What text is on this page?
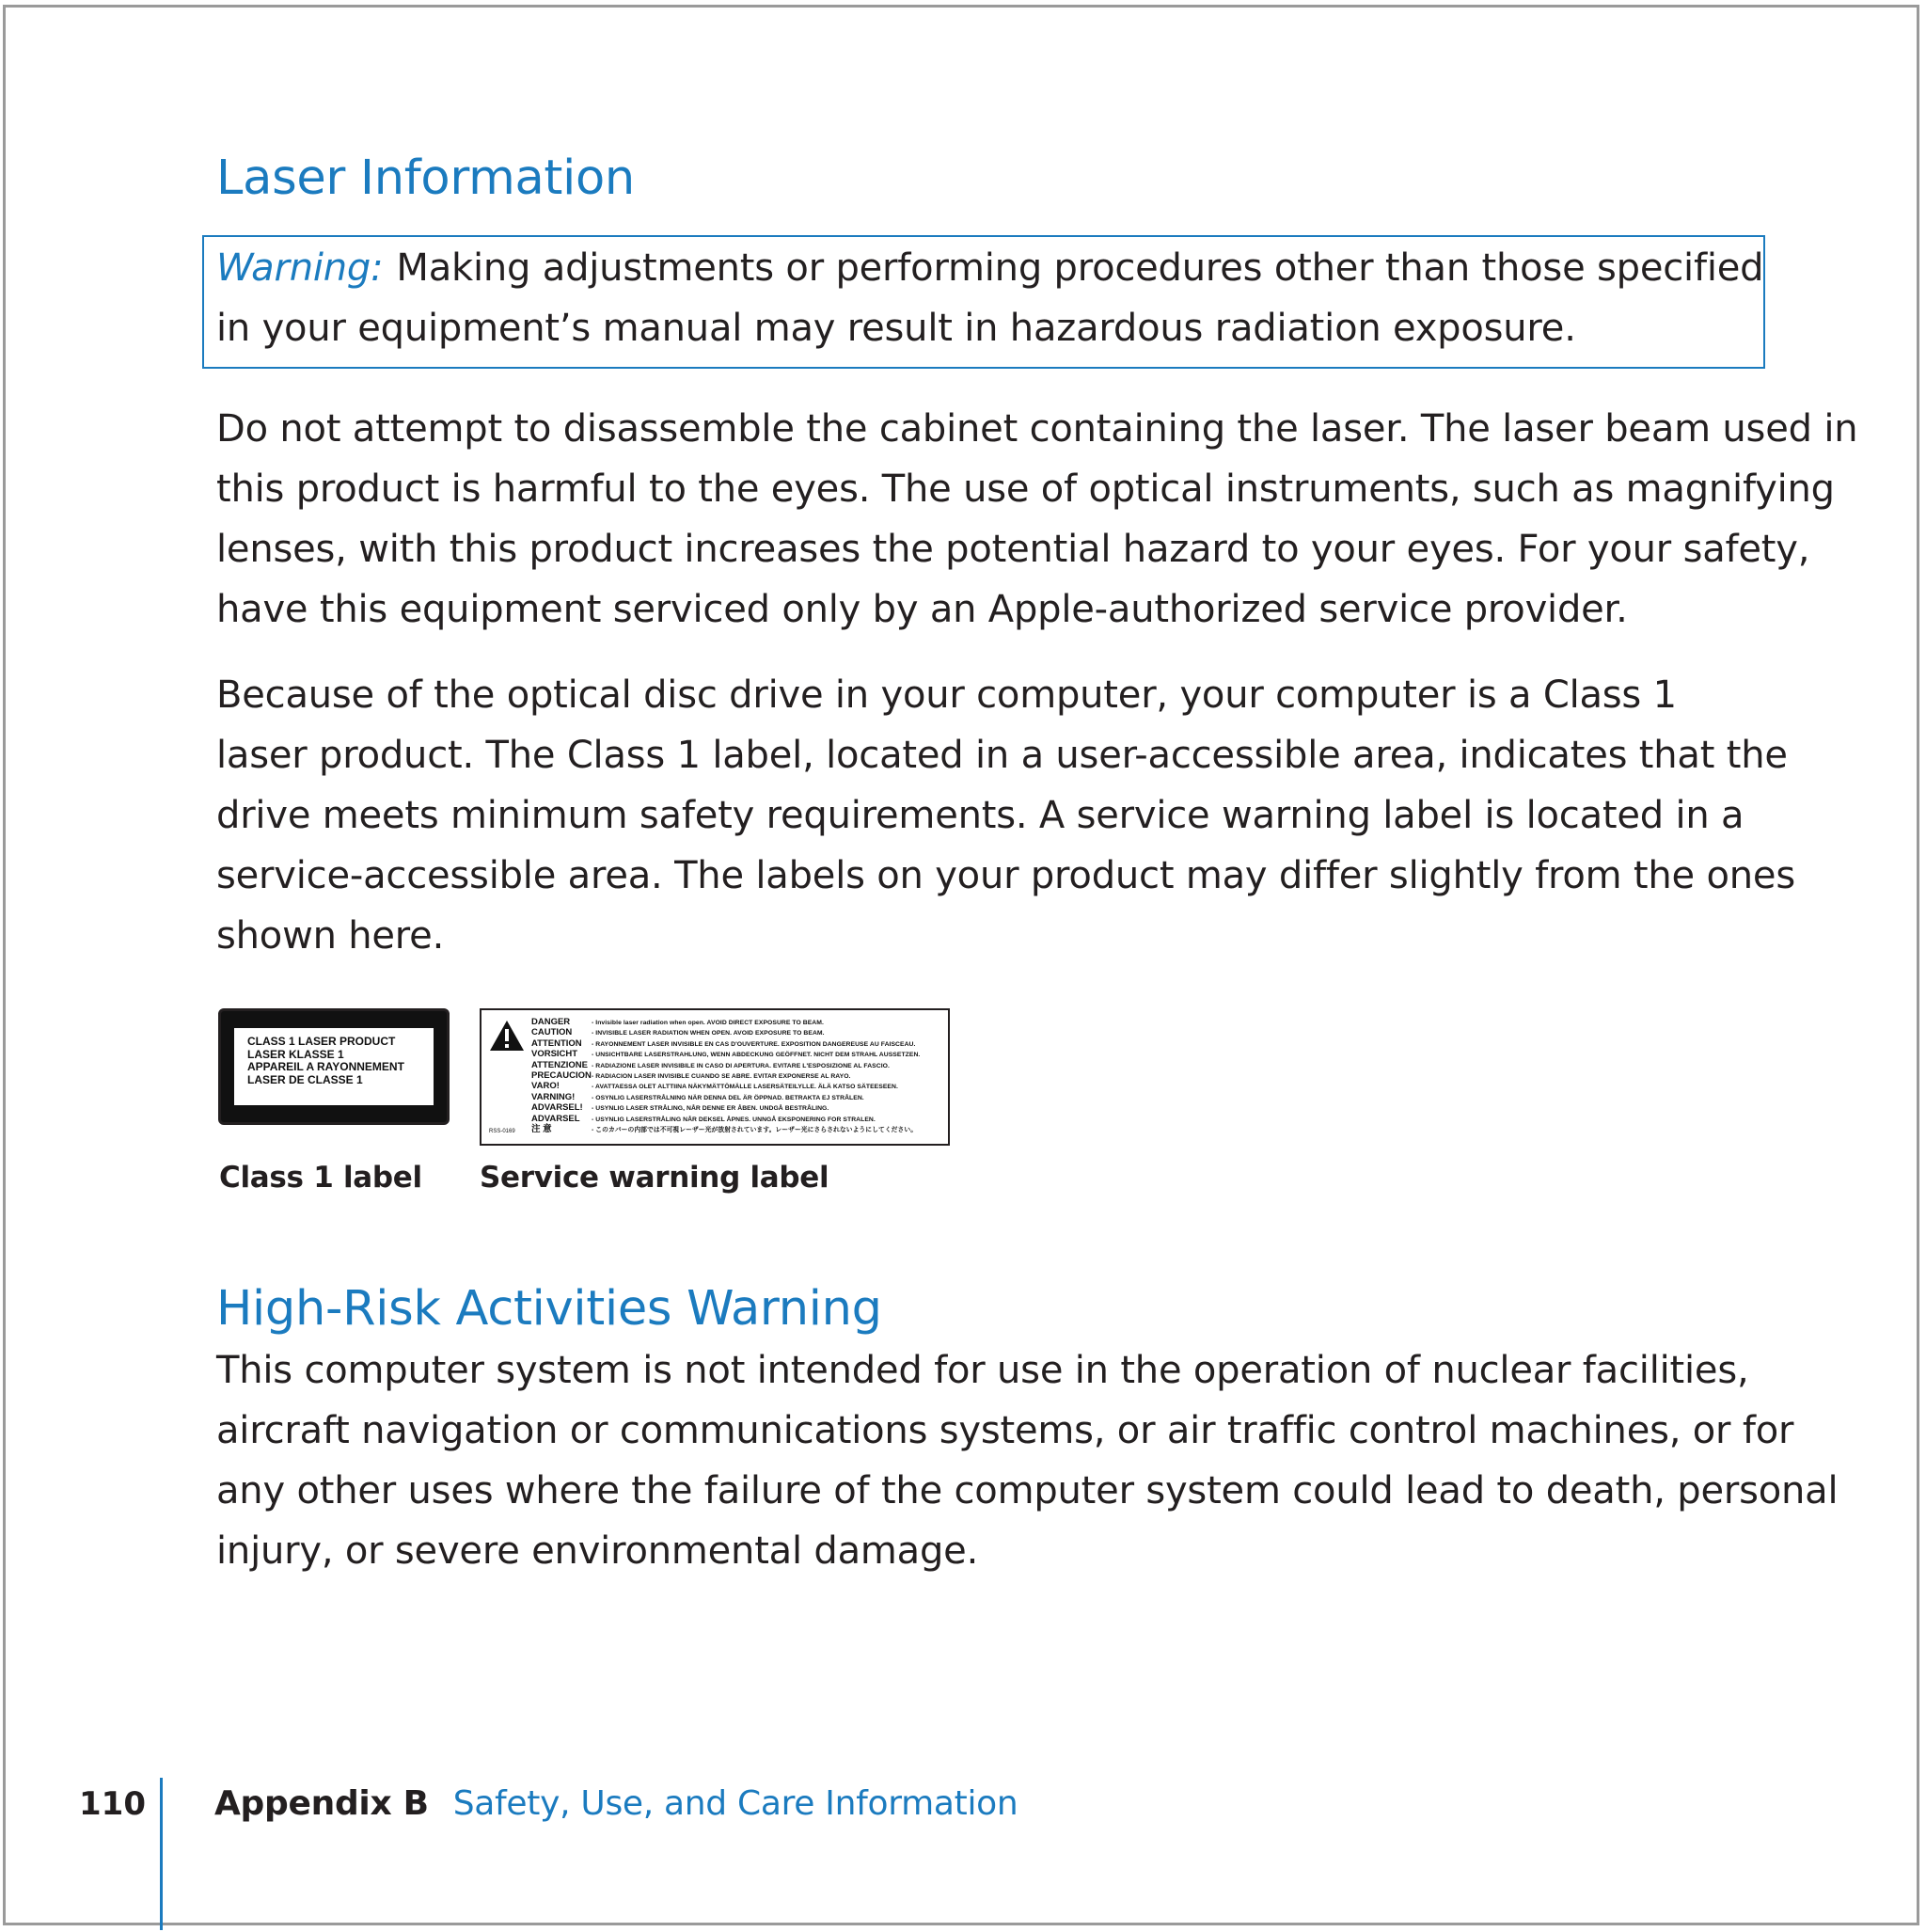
Laser Information
Warning: Making adjustments or performing procedures other than those specified
in your equipment’s manual may result in hazardous radiation exposure.
Do not attempt to disassemble the cabinet containing the laser. The laser beam used in
this product is harmful to the eyes. The use of optical instruments, such as magnifying
lenses, with this product increases the potential hazard to your eyes. For your safety,
have this equipment serviced only by an Apple-authorized service provider.
Because of the optical disc drive in your computer, your computer is a Class 1
laser product. The Class 1 label, located in a user-accessible area, indicates that the
drive meets minimum safety requirements. A service warning label is located in a
service-accessible area. The labels on your product may differ slightly from the ones
shown here.
CLASS 1 LASER PRODUCT
LASER KLASSE 1
APPAREIL A RAYONNEMENT
LASER DE CLASSE 1
DANGER	- Invisible laser radiation when open. AVOID DIRECT EXPOSURE TO BEAM.
CAUTION	- INVISIBLE LASER RADIATION WHEN OPEN. AVOID EXPOSURE TO BEAM.
ATTENTION - RAYONNEMENT LASER INVISIBLE EN CAS D'OUVERTURE. EXPOSITION DANGEREUSE AU FAISCEAU.
VORSICHT - UNSICHTBARE LASERSTRAHLUNG, WENN ABDECKUNG GEÖFFNET. NICHT DEM STRAHL AUSSETZEN.
ATTENZIONE - RADIAZIONE LASER INVISIBILE IN CASO DI APERTURA. EVITARE L'ESPOSIZIONE AL FASCIO.
PRECAUCION- RADIACION LASER INVISIBLE CUANDO SE ABRE. EVITAR EXPONERSE AL RAYO.
VARO!	- AVATTAESSA OLET ALTTIINA NÄKYMÄTTÖMÄLLE LASERSÄTEILYLLE. ÄLÄ KATSO SÄTEESEEN.
VARNING!	- OSYNLIG LASERSTRÅLNING NÄR DENNA DEL ÄR ÖPPNAD. BETRAKTA EJ STRÅLEN.
ADVARSEL! - USYNLIG LASER STRÅLING, NÅR DENNE ER ÅBEN. UNDGÅ BESTRÅLING.
ADVARSEL - USYNLIG LASERSTRÅLING NÅR DEKSEL ÅPNES. UNNGÅ EKSPONERING FOR STRALEN.
注 意	- このカバーの内部では不可視レーザー光が放射されています。レーザー光にさらされないようにしてください。
RSS-0169
Class 1 label Service warning label
High-Risk Activities Warning
This computer system is not intended for use in the operation of nuclear facilities,
aircraft navigation or communications systems, or air traffic control machines, or for
any other uses where the failure of the computer system could lead to death, personal
injury, or severe environmental damage.
110 Appendix B Safety, Use, and Care Information
